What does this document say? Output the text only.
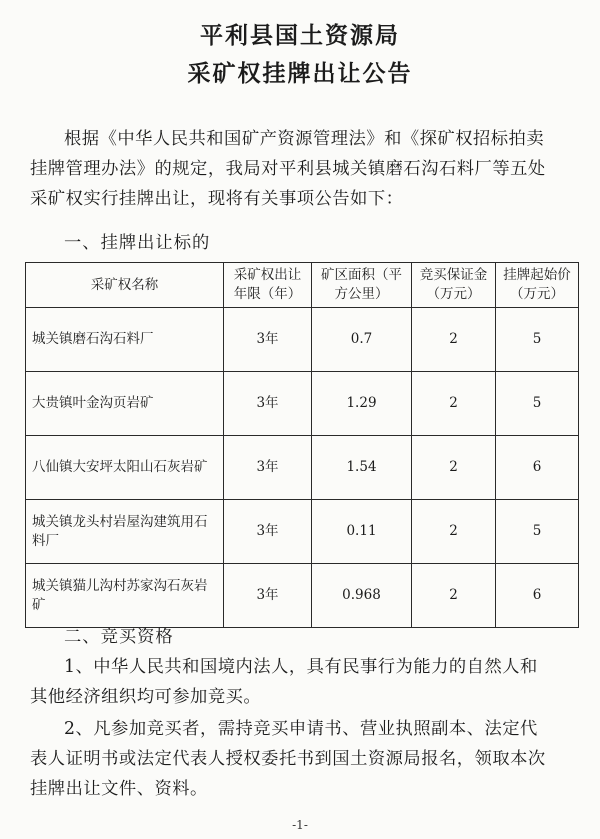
平利县国土资源局
采矿权挂牌出让公告
根据《中华人民共和国矿产资源管理法》和《探矿权招标拍卖
挂牌管理办法》的规定，我局对平利县城关镇磨石沟石料厂等五处
采矿权实行挂牌出让，现将有关事项公告如下：
一、挂牌出让标的
采矿权名称	采矿权出让年限（年）	矿区面积（平方公里）	竞买保证金（万元）	挂牌起始价（万元）
城关镇磨石沟石料厂	3年	0.7	2	5
大贵镇叶金沟页岩矿	3年	1.29	2	5
八仙镇大安坪太阳山石灰岩矿	3年	1.54	2	6
城关镇龙头村岩屋沟建筑用石料厂	3年	0.11	2	5
城关镇猫儿沟村苏家沟石灰岩矿	3年	0.968	2	6
二、竞买资格
1、中华人民共和国境内法人，具有民事行为能力的自然人和
其他经济组织均可参加竞买。
2、凡参加竞买者，需持竞买申请书、营业执照副本、法定代
表人证明书或法定代表人授权委托书到国土资源局报名，领取本次
挂牌出让文件、资料。
-1-
